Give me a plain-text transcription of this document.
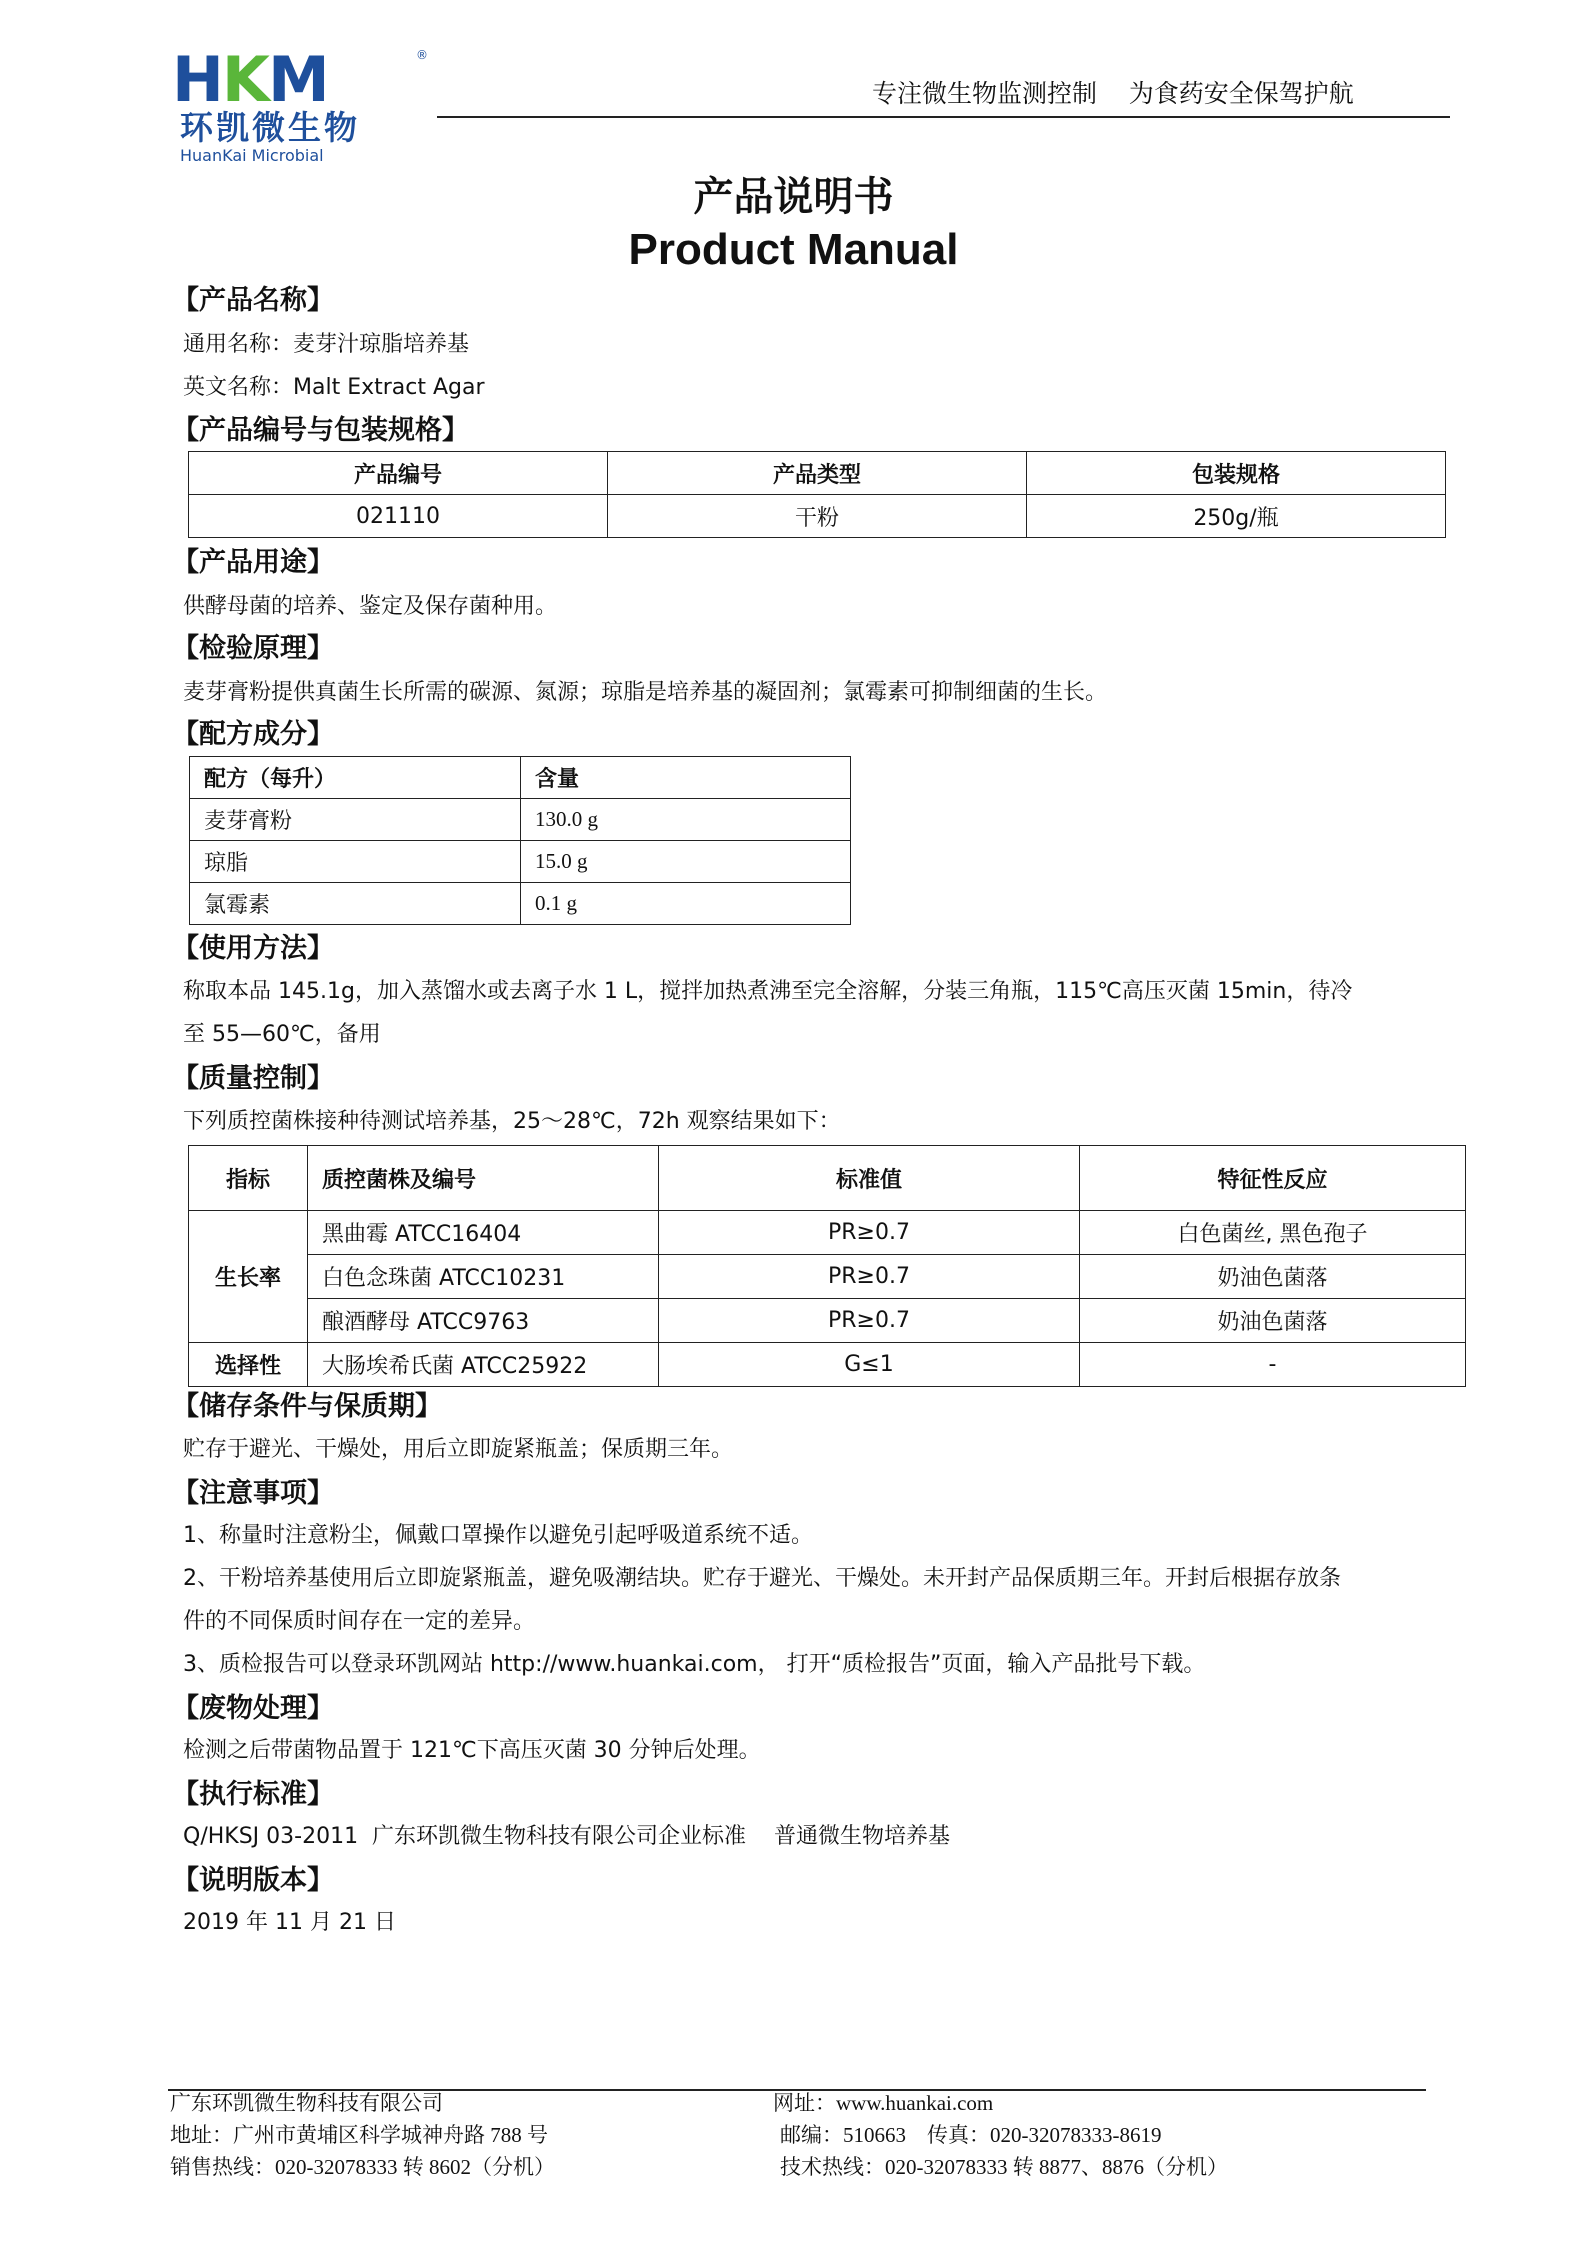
HKM	®
环凯微生物
HuanKai Microbial
专注微生物监测控制    为食药安全保驾护航
产品说明书
Product Manual
【产品名称】
通用名称：麦芽汁琼脂培养基
英文名称：Malt Extract Agar
【产品编号与包装规格】
产品编号	产品类型	包装规格
021110	干粉	250g/瓶
【产品用途】
供酵母菌的培养、鉴定及保存菌种用。
【检验原理】
麦芽膏粉提供真菌生长所需的碳源、氮源；琼脂是培养基的凝固剂；氯霉素可抑制细菌的生长。
【配方成分】
配方（每升）	含量
麦芽膏粉	130.0 g
琼脂	15.0 g
氯霉素	0.1 g
【使用方法】
称取本品 145.1g，加入蒸馏水或去离子水 1 L，搅拌加热煮沸至完全溶解，分装三角瓶，115℃高压灭菌 15min，待冷
至 55—60℃，备用
【质量控制】
下列质控菌株接种待测试培养基，25～28℃，72h 观察结果如下：
指标	质控菌株及编号	标准值	特征性反应
生长率	黑曲霉 ATCC16404	PR≥0.7	白色菌丝, 黑色孢子
	白色念珠菌 ATCC10231	PR≥0.7	奶油色菌落
	酿酒酵母 ATCC9763	PR≥0.7	奶油色菌落
选择性	大肠埃希氏菌 ATCC25922	G≤1	-
【储存条件与保质期】
贮存于避光、干燥处，用后立即旋紧瓶盖；保质期三年。
【注意事项】
1、称量时注意粉尘，佩戴口罩操作以避免引起呼吸道系统不适。
2、干粉培养基使用后立即旋紧瓶盖，避免吸潮结块。贮存于避光、干燥处。未开封产品保质期三年。开封后根据存放条
件的不同保质时间存在一定的差异。
3、质检报告可以登录环凯网站 http://www.huankai.com， 打开“质检报告”页面，输入产品批号下载。
【废物处理】
检测之后带菌物品置于 121℃下高压灭菌 30 分钟后处理。
【执行标准】
Q/HKSJ 03-2011  广东环凯微生物科技有限公司企业标准    普通微生物培养基
【说明版本】
2019 年 11 月 21 日
广东环凯微生物科技有限公司
地址：广州市黄埔区科学城神舟路 788 号
销售热线：020-32078333 转 8602（分机）
网址：www.huankai.com
邮编：510663    传真：020-32078333-8619
技术热线：020-32078333 转 8877、8876（分机）
